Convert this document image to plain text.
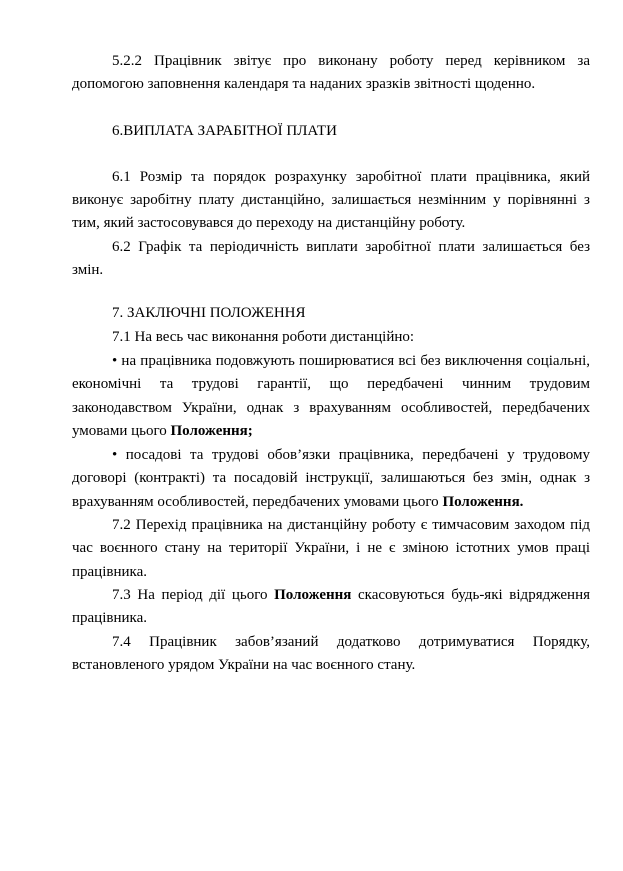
5.2.2 Працівник звітує про виконану роботу перед керівником за допомогою заповнення календаря та наданих зразків звітності щоденно.

6.ВИПЛАТА ЗАРАБІТНОЇ ПЛАТИ

6.1 Розмір та порядок розрахунку заробітної плати працівника, який виконує заробітну плату дистанційно, залишається незмінним у порівнянні з тим, який застосовувався до переходу на дистанційну роботу.

6.2 Графік та періодичність виплати заробітної плати залишається без змін.

7. ЗАКЛЮЧНІ ПОЛОЖЕННЯ

7.1 На весь час виконання роботи дистанційно:

• на працівника подовжують поширюватися всі без виключення соціальні, економічні та трудові гарантії, що передбачені чинним трудовим законодавством України, однак з врахуванням особливостей, передбачених умовами цього Положення;

• посадові та трудові обов’язки працівника, передбачені у трудовому договорі (контракті) та посадовій інструкції, залишаються без змін, однак з врахуванням особливостей, передбачених умовами цього Положення.

7.2 Перехід працівника на дистанційну роботу є тимчасовим заходом під час воєнного стану на території України, і не є зміною істотних умов праці працівника.

7.3 На період дії цього Положення скасовуються будь-які відрядження працівника.

7.4 Працівник забов’язаний додатково дотримуватися Порядку, встановленого урядом України на час воєнного стану.
